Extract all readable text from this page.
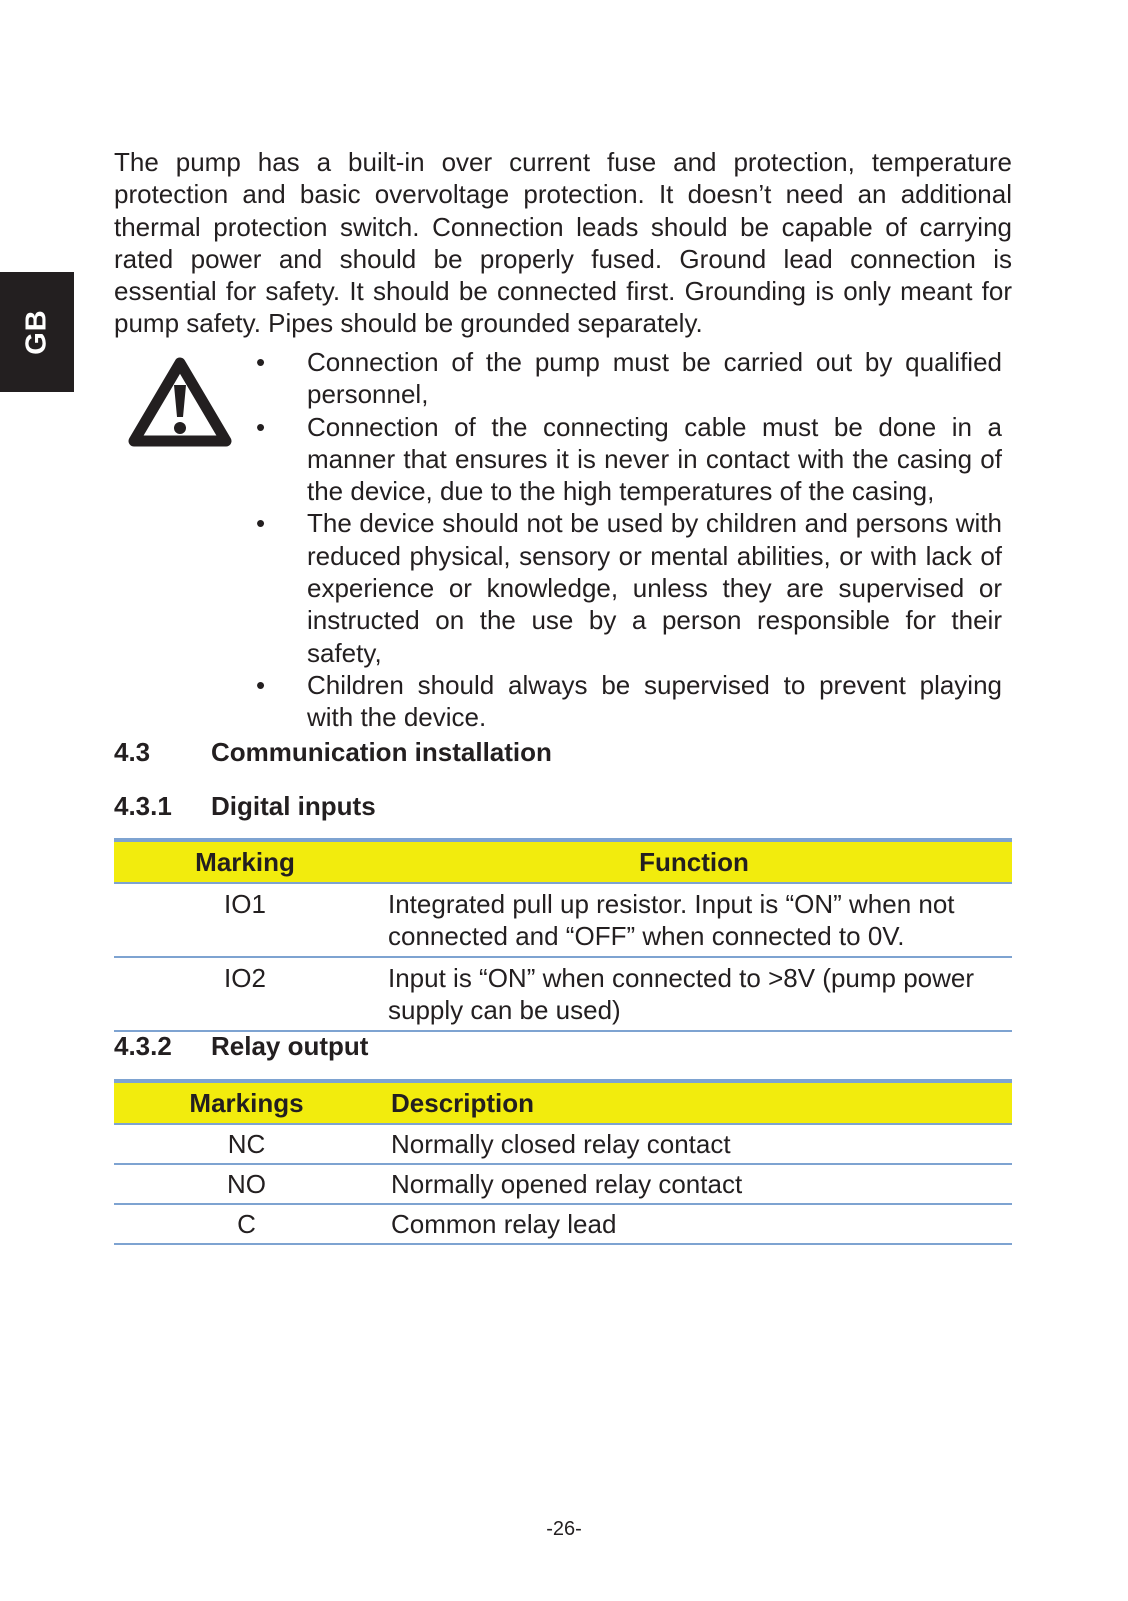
GB

The pump has a built-in over current fuse and protection, temperature protection and basic overvoltage protection. It doesn’t need an additional thermal protection switch. Connection leads should be capable of carrying rated power and should be properly fused. Ground lead connection is essential for safety. It should be connected first. Grounding is only meant for pump safety. Pipes should be grounded separately.

• Connection of the pump must be carried out by qualified personnel,
• Connection of the connecting cable must be done in a manner that ensures it is never in contact with the casing of the device, due to the high temperatures of the casing,
• The device should not be used by children and persons with reduced physical, sensory or mental abilities, or with lack of experience or knowledge, unless they are supervised or instructed on the use by a person responsible for their safety,
• Children should always be supervised to prevent playing with the device.
4.3 Communication installation
4.3.1 Digital inputs
Marking	Function
IO1	Integrated pull up resistor. Input is “ON” when not connected and “OFF” when connected to 0V.
IO2	Input is “ON” when connected to >8V (pump power supply can be used)
4.3.2 Relay output
Markings	Description
NC	Normally closed relay contact
NO	Normally opened relay contact
C	Common relay lead
-26-
